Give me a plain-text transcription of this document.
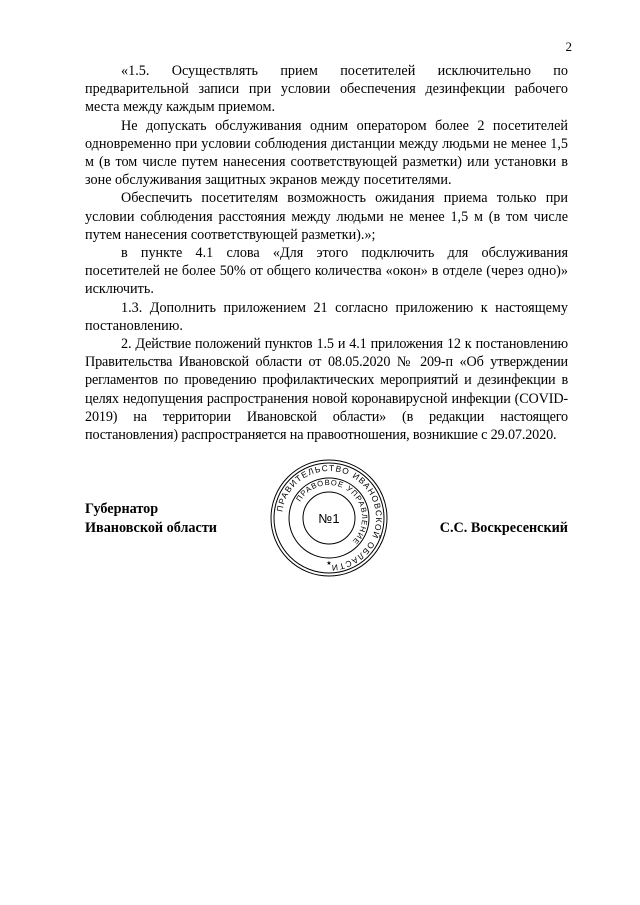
2

«1.5. Осуществлять прием посетителей исключительно по предварительной записи при условии обеспечения дезинфекции рабочего места между каждым приемом.

Не допускать обслуживания одним оператором более 2 посетителей одновременно при условии соблюдения дистанции между людьми не менее 1,5 м (в том числе путем нанесения соответствующей разметки) или установки в зоне обслуживания защитных экранов между посетителями.

Обеспечить посетителям возможность ожидания приема только при условии соблюдения расстояния между людьми не менее 1,5 м (в том числе путем нанесения соответствующей разметки).»;

в пункте 4.1 слова «Для этого подключить для обслуживания посетителей не более 50% от общего количества «окон» в отделе (через одно)» исключить.

1.3. Дополнить приложением 21 согласно приложению к настоящему постановлению.

2. Действие положений пунктов 1.5 и 4.1 приложения 12 к постановлению Правительства Ивановской области от 08.05.2020 № 209-п «Об утверждении регламентов по проведению профилактических мероприятий и дезинфекции в целях недопущения распространения новой коронавирусной инфекции (COVID-2019) на территории Ивановской области» (в редакции настоящего постановления) распространяется на правоотношения, возникшие с 29.07.2020.

Губернатор
Ивановской области	С.С. Воскресенский
ПРАВИТЕЛЬСТВО ИВАНОВСКОЙ ОБЛАСТИ
ПРАВОВОЕ УПРАВЛЕНИЕ
№1
★
